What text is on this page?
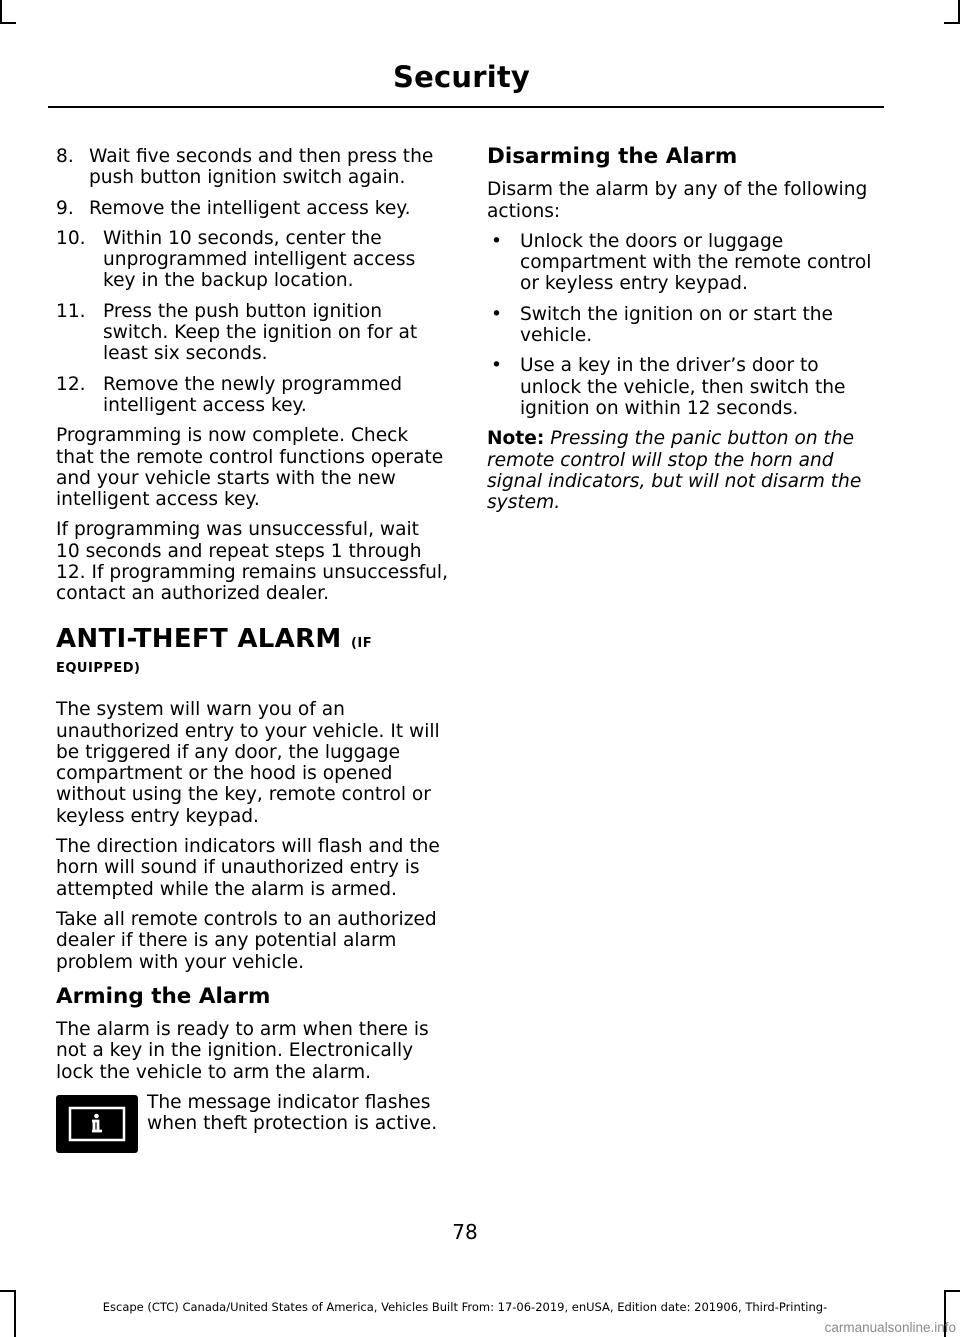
Security
8. Wait five seconds and then press the push button ignition switch again.
9. Remove the intelligent access key.
10. Within 10 seconds, center the unprogrammed intelligent access key in the backup location.
11. Press the push button ignition switch. Keep the ignition on for at least six seconds.
12. Remove the newly programmed intelligent access key.

Programming is now complete. Check that the remote control functions operate and your vehicle starts with the new intelligent access key.

If programming was unsuccessful, wait 10 seconds and repeat steps 1 through 12. If programming remains unsuccessful, contact an authorized dealer.

ANTI-THEFT ALARM (IF EQUIPPED)

The system will warn you of an unauthorized entry to your vehicle. It will be triggered if any door, the luggage compartment or the hood is opened without using the key, remote control or keyless entry keypad.

The direction indicators will flash and the horn will sound if unauthorized entry is attempted while the alarm is armed.

Take all remote controls to an authorized dealer if there is any potential alarm problem with your vehicle.

Arming the Alarm

The alarm is ready to arm when there is not a key in the ignition. Electronically lock the vehicle to arm the alarm.

The message indicator flashes when theft protection is active.

Disarming the Alarm

Disarm the alarm by any of the following actions:

• Unlock the doors or luggage compartment with the remote control or keyless entry keypad.
• Switch the ignition on or start the vehicle.
• Use a key in the driver’s door to unlock the vehicle, then switch the ignition on within 12 seconds.

Note: Pressing the panic button on the remote control will stop the horn and signal indicators, but will not disarm the system.

78
Escape (CTC) Canada/United States of America, Vehicles Built From: 17-06-2019, enUSA, Edition date: 201906, Third-Printing-
carmanualsonline.info
